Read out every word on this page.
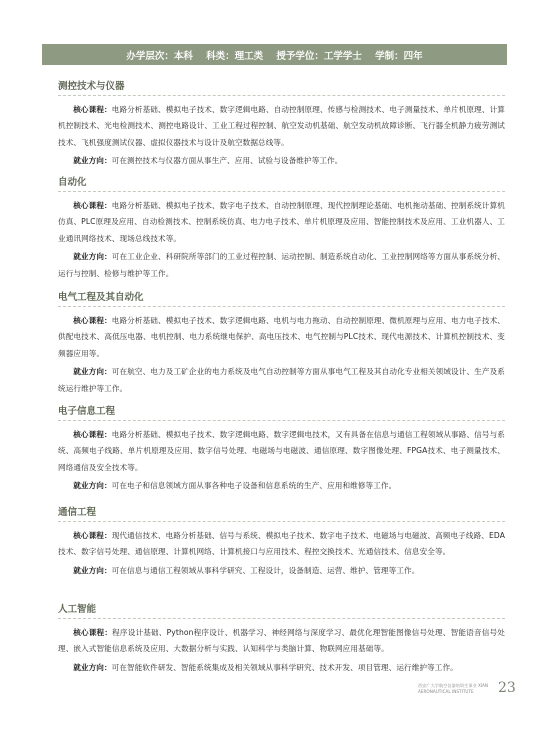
办学层次：本科    科类：理工类    授予学位：工学学士    学制：四年
测控技术与仪器

核心课程：电路分析基础、模拟电子技术、数字逻辑电路、自动控制原理、传感与检测技术、电子测量技术、单片机原理、计算机控制技术、光电检测技术、测控电路设计、工业工程过程控制、航空发动机基础、航空发动机故障诊断、飞行器全机静力疲劳测试技术、飞机强度测试仪器、虚拟仪器技术与设计及航空数据总线等。

就业方向：可在测控技术与仪器方面从事生产、应用、试验与设备维护等工作。

自动化

核心课程：电路分析基础、模拟电子技术、数字电子技术、自动控制原理、现代控制理论基础、电机拖动基础、控制系统计算机仿真、PLC原理及应用、自动检测技术、控制系统仿真、电力电子技术、单片机原理及应用、智能控制技术及应用、工业机器人、工业通讯网络技术、现场总线技术等。

就业方向：可在工业企业、科研院所等部门的工业过程控制、运动控制、制造系统自动化、工业控制网络等方面从事系统分析、运行与控制、检修与维护等工作。

电气工程及其自动化

核心课程：电路分析基础、模拟电子技术、数字逻辑电路、电机与电力拖动、自动控制原理、微机原理与应用、电力电子技术、供配电技术、高低压电器、电机控制、电力系统继电保护、高电压技术、电气控制与PLC技术、现代电源技术、计算机控制技术、变频器应用等。

就业方向：可在航空、电力及工矿企业的电力系统及电气自动控制等方面从事电气工程及其自动化专业相关领域设计、生产及系统运行维护等工作。

电子信息工程

核心课程：电路分析基础、模拟电子技术、数字逻辑电路、数字逻辑电技术，又有具备在信息与通信工程领域从事路、信号与系统、高频电子线路、单片机原理及应用、数字信号处理、电磁场与电磁波、通信原理、数字图像处理、FPGA技术、电子测量技术、网络通信及安全技术等。

就业方向：可在电子和信息领域方面从事各种电子设备和信息系统的生产、应用和维修等工作。

通信工程

核心课程：现代通信技术、电路分析基础、信号与系统、模拟电子技术、数字电子技术、电磁场与电磁波、高频电子线路、EDA技术、数字信号处理、通信原理、计算机网络、计算机接口与应用技术、程控交换技术、光通信技术、信息安全等。

就业方向：可在信息与通信工程领域从事科学研究、工程设计，设备制造、运营、维护、管理等工作。

人工智能

核心课程：程序设计基础、Python程序设计、机器学习、神经网络与深度学习、最优化理智能图像信号处理、智能语音信号处理、嵌入式智能信息系统及应用、大数据分析与实践、认知科学与类脑计算、物联网应用基础等。

就业方向：可在智能软件研发、智能系统集成及相关领域从事科学研究、技术开发、项目管理、运行维护等工作。

西安广大学航空仪器培训生事业 XIAN AERONAUTICAL INSTITUTE	23
